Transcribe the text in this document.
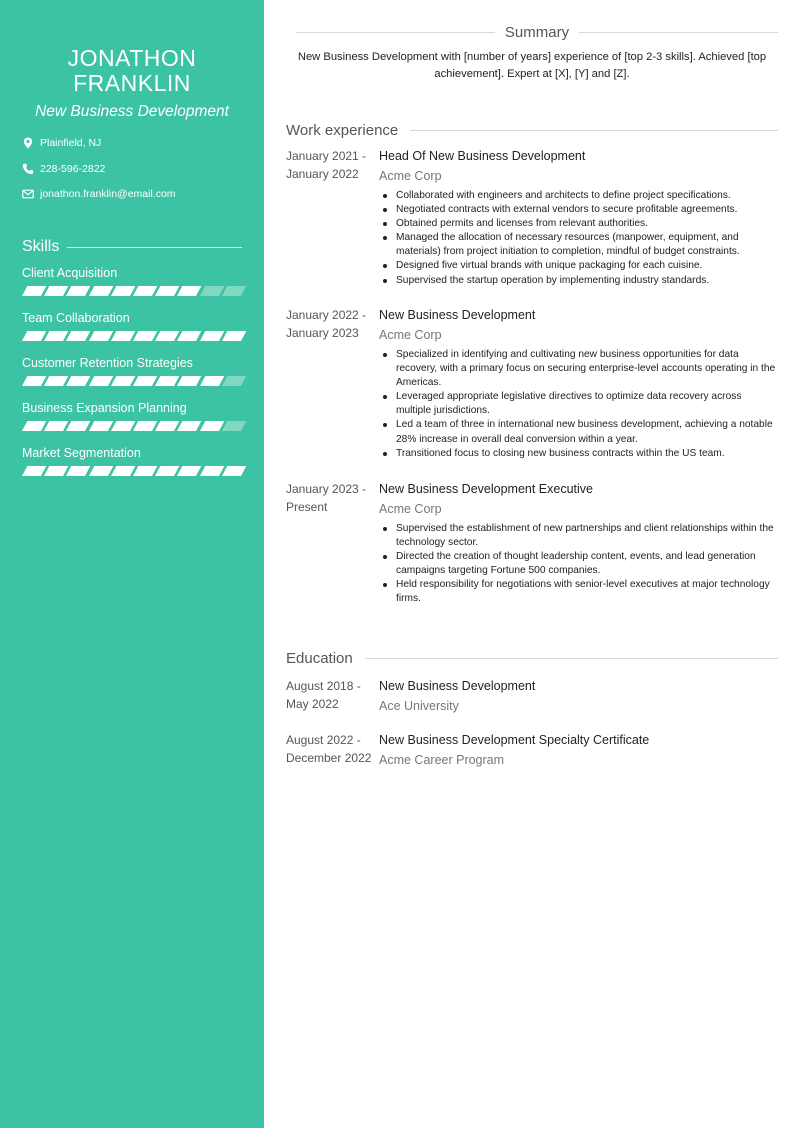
JONATHON
FRANKLIN
New Business Development
Plainfield, NJ
228-596-2822
jonathon.franklin@email.com
Skills
Client Acquisition
Team Collaboration
Customer Retention Strategies
Business Expansion Planning
Market Segmentation
Summary
New Business Development with [number of years] experience of [top 2-3 skills]. Achieved [top achievement]. Expert at [X], [Y] and [Z].
Work experience
January 2021 -
January 2022
Head Of New Business Development
Acme Corp
Collaborated with engineers and architects to define project specifications.
Negotiated contracts with external vendors to secure profitable agreements.
Obtained permits and licenses from relevant authorities.
Managed the allocation of necessary resources (manpower, equipment, and materials) from project initiation to completion, mindful of budget constraints.
Designed five virtual brands with unique packaging for each cuisine.
Supervised the startup operation by implementing industry standards.
January 2022 -
January 2023
New Business Development
Acme Corp
Specialized in identifying and cultivating new business opportunities for data recovery, with a primary focus on securing enterprise-level accounts operating in the Americas.
Leveraged appropriate legislative directives to optimize data recovery across multiple jurisdictions.
Led a team of three in international new business development, achieving a notable 28% increase in overall deal conversion within a year.
Transitioned focus to closing new business contracts within the US team.
January 2023 -
Present
New Business Development Executive
Acme Corp
Supervised the establishment of new partnerships and client relationships within the technology sector.
Directed the creation of thought leadership content, events, and lead generation campaigns targeting Fortune 500 companies.
Held responsibility for negotiations with senior-level executives at major technology firms.
Education
August 2018 -
May 2022
New Business Development
Ace University
August 2022 -
December 2022
New Business Development Specialty Certificate
Acme Career Program
